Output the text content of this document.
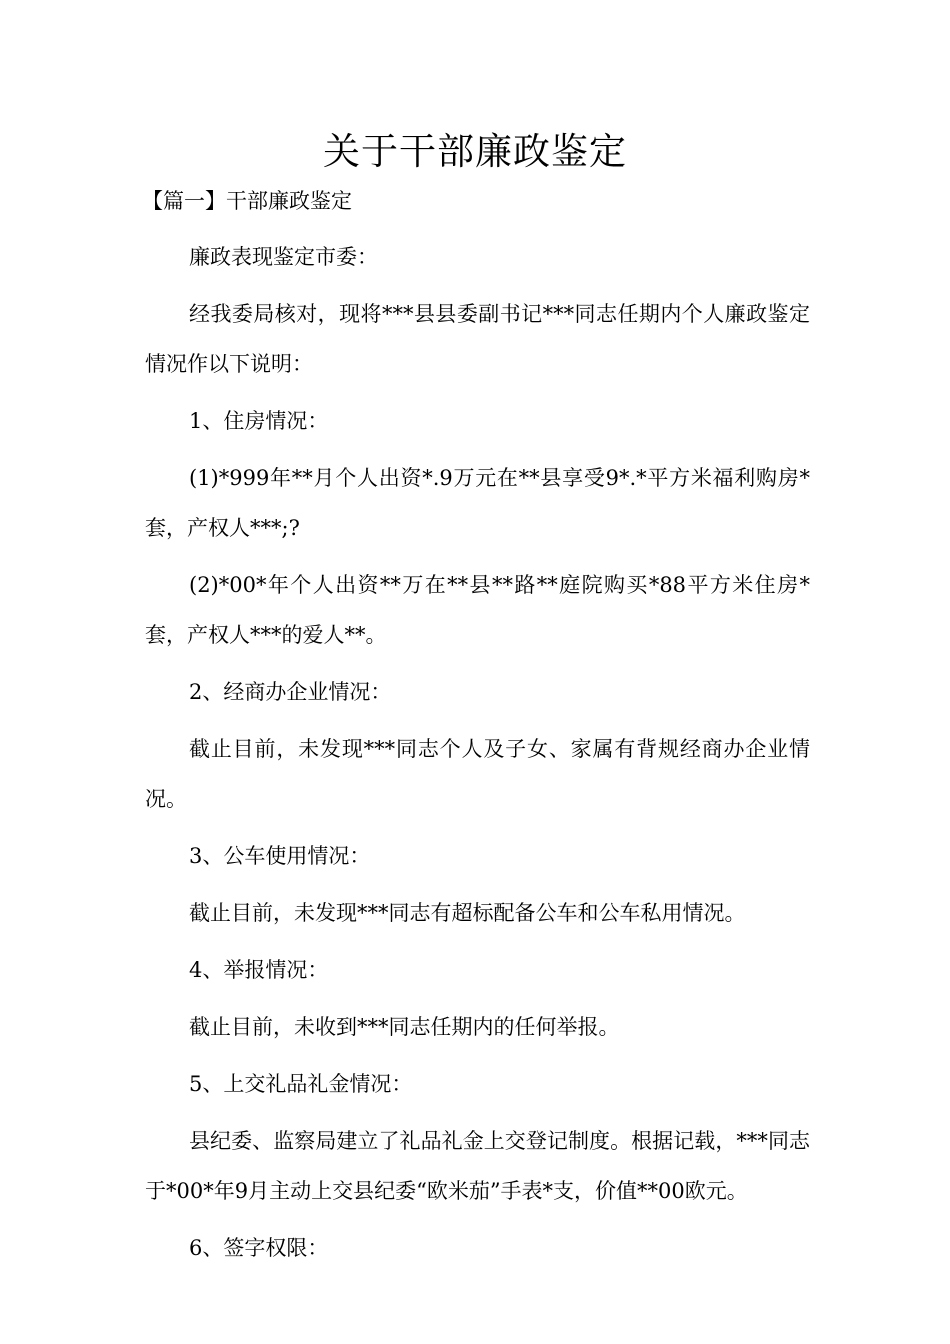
关于干部廉政鉴定

【篇一】干部廉政鉴定

廉政表现鉴定市委：

经我委局核对，现将***县县委副书记***同志任期内个人廉政鉴定情况作以下说明：

1、住房情况：

(1)*999年**月个人出资*.9万元在**县享受9*.*平方米福利购房*套，产权人***;?

(2)*00*年个人出资**万在**县**路**庭院购买*88平方米住房*套，产权人***的爱人**。

2、经商办企业情况：

截止目前，未发现***同志个人及子女、家属有背规经商办企业情况。

3、公车使用情况：

截止目前，未发现***同志有超标配备公车和公车私用情况。

4、举报情况：

截止目前，未收到***同志任期内的任何举报。

5、上交礼品礼金情况：

县纪委、监察局建立了礼品礼金上交登记制度。根据记载，***同志于*00*年9月主动上交县纪委“欧米茄”手表*支，价值**00欧元。

6、签字权限：
